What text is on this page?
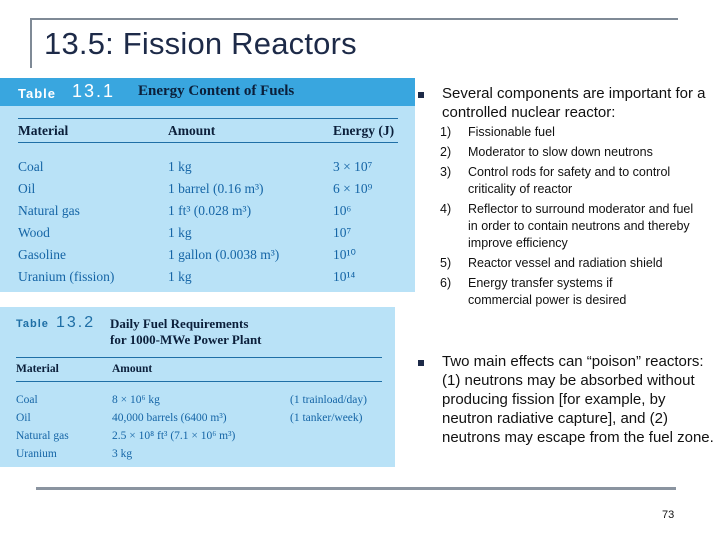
13.5: Fission Reactors
Table 13.1 Energy Content of Fuels
Material	Amount	Energy (J)
Coal	1 kg	3 × 10⁷
Oil	1 barrel (0.16 m³)	6 × 10⁹
Natural gas	1 ft³ (0.028 m³)	10⁶
Wood	1 kg	10⁷
Gasoline	1 gallon (0.0038 m³)	10¹⁰
Uranium (fission)	1 kg	10¹⁴
Table 13.2 Daily Fuel Requirements
for 1000-MWe Power Plant
Material	Amount
Coal	8 × 10⁶ kg	(1 trainload/day)
Oil	40,000 barrels (6400 m³)	(1 tanker/week)
Natural gas	2.5 × 10⁸ ft³ (7.1 × 10⁶ m³)
Uranium	3 kg
Several components are important for a controlled nuclear reactor:
1) Fissionable fuel
2) Moderator to slow down neutrons
3) Control rods for safety and to control criticality of reactor
4) Reflector to surround moderator and fuel in order to contain neutrons and thereby improve efficiency
5) Reactor vessel and radiation shield
6) Energy transfer systems if commercial power is desired
Two main effects can “poison” reactors: (1) neutrons may be absorbed without producing fission [for example, by neutron radiative capture], and (2) neutrons may escape from the fuel zone.
73
